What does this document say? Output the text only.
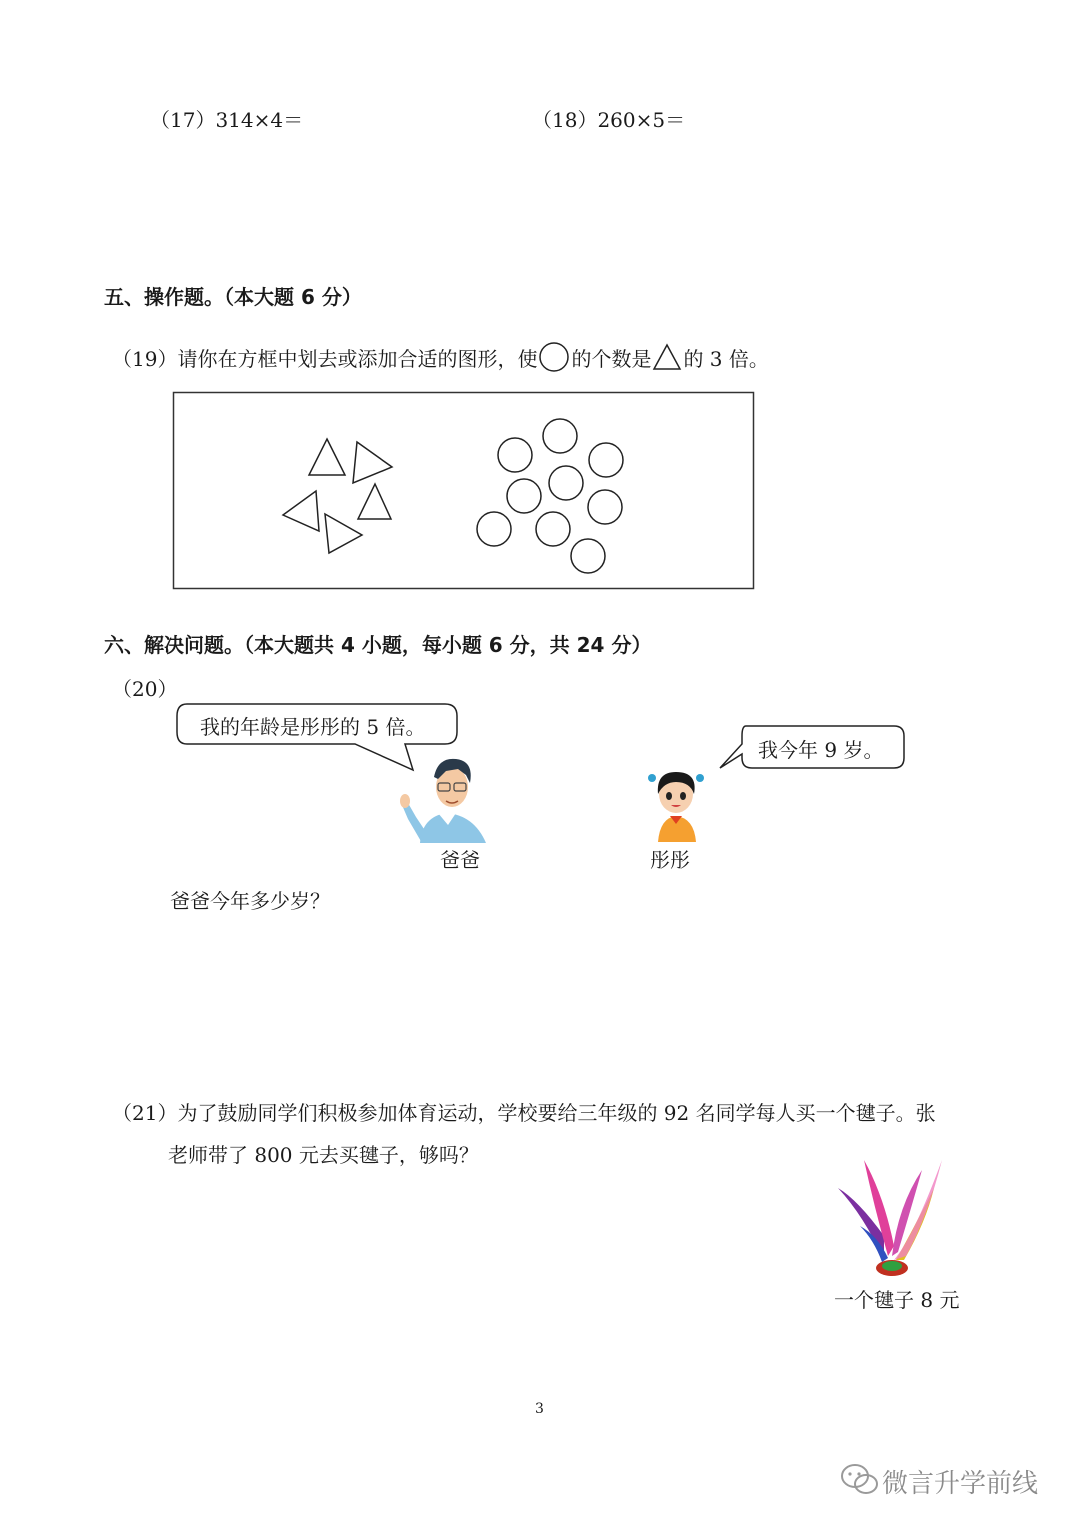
（17）314×4＝	（18）260×5＝
五、操作题。（本大题 6 分）
（19）请你在方框中划去或添加合适的图形，使 的个数是 的 3 倍。
六、解决问题。（本大题共 4 小题，每小题 6 分，共 24 分）
（20）
我的年龄是彤彤的 5 倍。
我今年 9 岁。
爸爸	彤彤
爸爸今年多少岁？
（21）为了鼓励同学们积极参加体育运动，学校要给三年级的 92 名同学每人买一个毽子。张
老师带了 800 元去买毽子，够吗？
一个毽子 8 元
3
微言升学前线
